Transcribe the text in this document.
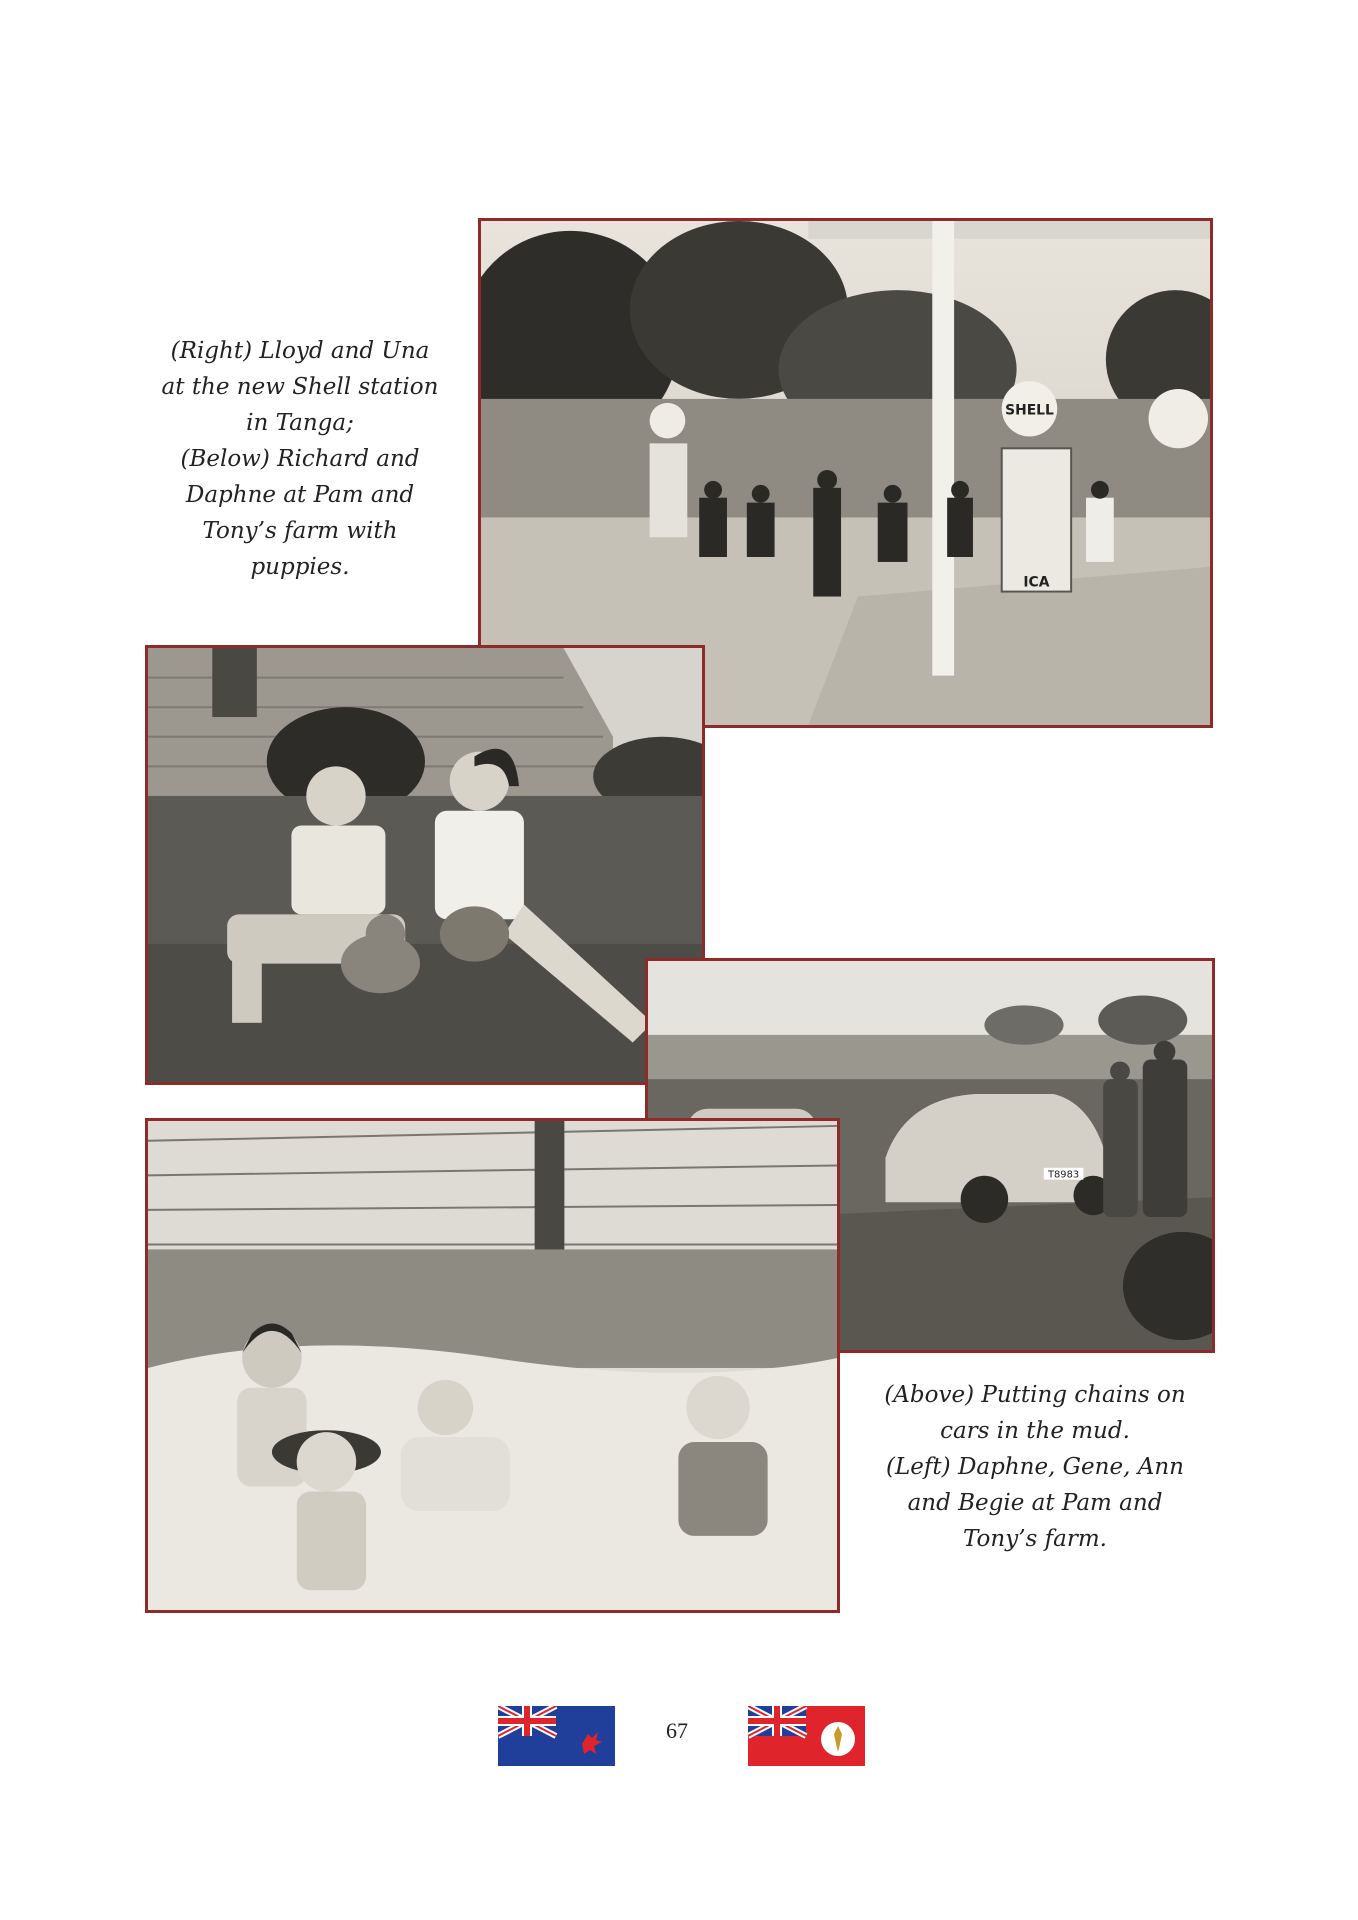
(Right) Lloyd and Una
at the new Shell station
in Tanga;
(Below) Richard and
Daphne at Pam and
Tony’s farm with
puppies.
SHELL
ICA
T8983
(Above) Putting chains on
cars in the mud.
(Left) Daphne, Gene, Ann
and Begie at Pam and
Tony’s farm.
67
